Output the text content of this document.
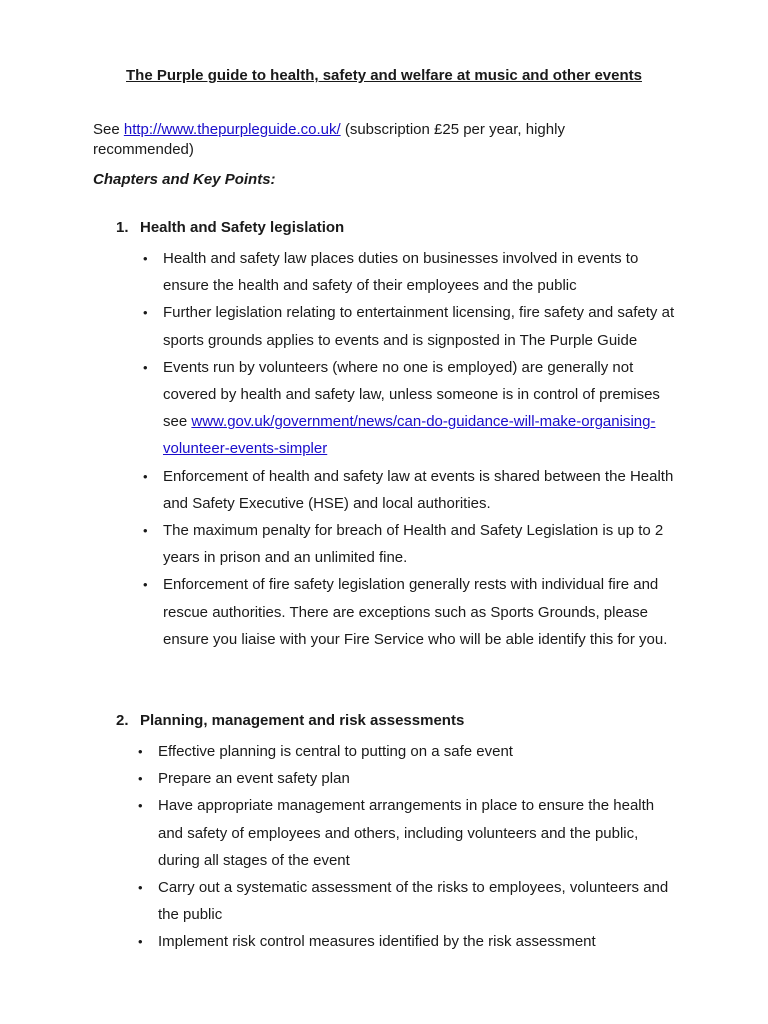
The Purple guide to health, safety and welfare at music and other events

See http://www.thepurpleguide.co.uk/ (subscription £25 per year, highly recommended)

Chapters and Key Points:

1. Health and Safety legislation
• Health and safety law places duties on businesses involved in events to ensure the health and safety of their employees and the public
• Further legislation relating to entertainment licensing, fire safety and safety at sports grounds applies to events and is signposted in The Purple Guide
• Events run by volunteers (where no one is employed) are generally not covered by health and safety law, unless someone is in control of premises see www.gov.uk/government/news/can-do-guidance-will-make-organising-volunteer-events-simpler
• Enforcement of health and safety law at events is shared between the Health and Safety Executive (HSE) and local authorities.
• The maximum penalty for breach of Health and Safety Legislation is up to 2 years in prison and an unlimited fine.
• Enforcement of fire safety legislation generally rests with individual fire and rescue authorities. There are exceptions such as Sports Grounds, please ensure you liaise with your Fire Service who will be able identify this for you.
2. Planning, management and risk assessments
• Effective planning is central to putting on a safe event
• Prepare an event safety plan
• Have appropriate management arrangements in place to ensure the health and safety of employees and others, including volunteers and the public, during all stages of the event
• Carry out a systematic assessment of the risks to employees, volunteers and the public
• Implement risk control measures identified by the risk assessment
